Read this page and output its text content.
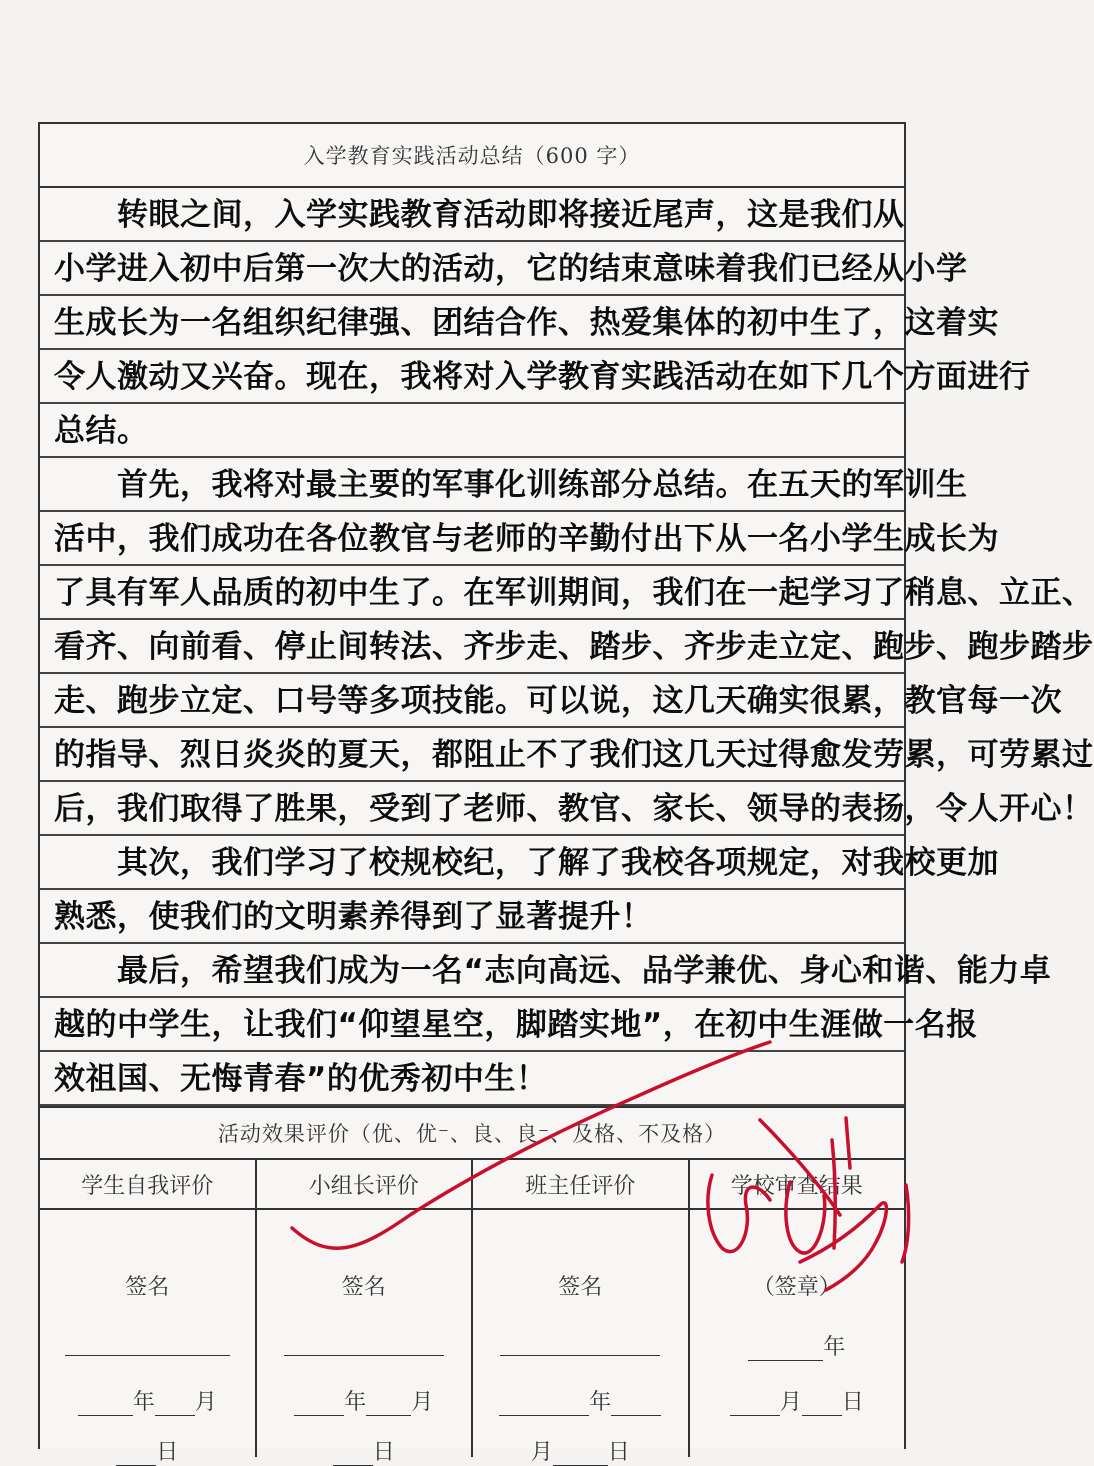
入学教育实践活动总结（600 字）
　　转眼之间，入学实践教育活动即将接近尾声，这是我们从
小学进入初中后第一次大的活动，它的结束意味着我们已经从小学
生成长为一名组织纪律强、团结合作、热爱集体的初中生了，这着实
令人激动又兴奋。现在，我将对入学教育实践活动在如下几个方面进行
总结。
　　首先，我将对最主要的军事化训练部分总结。在五天的军训生
活中，我们成功在各位教官与老师的辛勤付出下从一名小学生成长为
了具有军人品质的初中生了。在军训期间，我们在一起学习了稍息、立正、
看齐、向前看、停止间转法、齐步走、踏步、齐步走立定、跑步、跑步踏步
走、跑步立定、口号等多项技能。可以说，这几天确实很累，教官每一次
的指导、烈日炎炎的夏天，都阻止不了我们这几天过得愈发劳累，可劳累过
后，我们取得了胜果，受到了老师、教官、家长、领导的表扬，令人开心！
　　其次，我们学习了校规校纪，了解了我校各项规定，对我校更加
熟悉，使我们的文明素养得到了显著提升！
　　最后，希望我们成为一名“志向高远、品学兼优、身心和谐、能力卓
越的中学生，让我们“仰望星空，脚踏实地”，在初中生涯做一名报
效祖国、无悔青春”的优秀初中生！
活动效果评价（优、优⁻、良、良⁻、及格、不及格）
学生自我评价
签名

年 月
日
小组长评价
签名

年 月
日
班主任评价
签名

年
月	日
学校审查结果
（签章）
年
月 日
